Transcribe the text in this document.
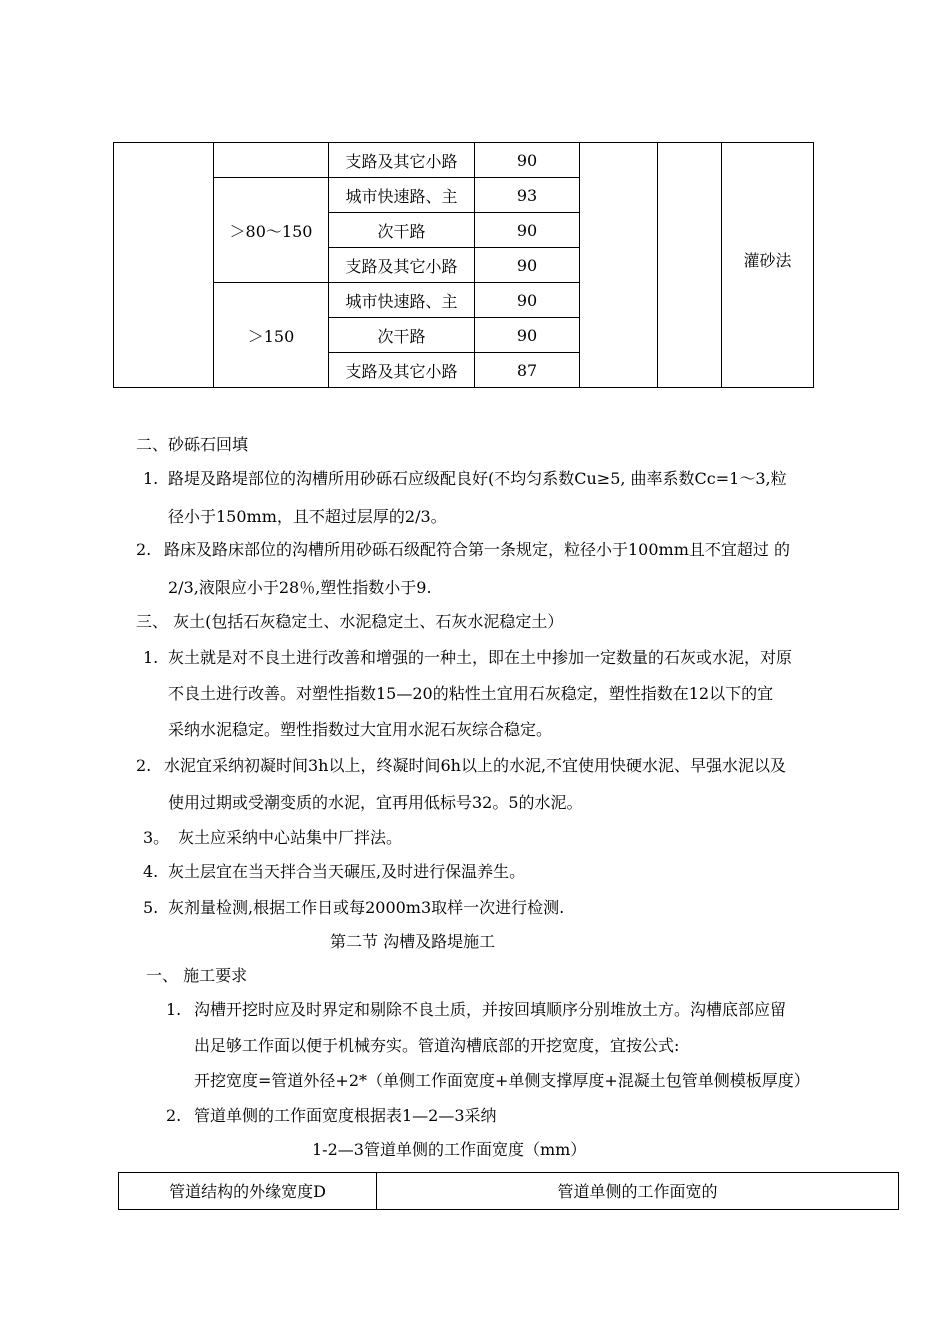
		支路及其它小路	90			灌砂法
	＞80～150	城市快速路、主	93			
		次干路	90			
		支路及其它小路	90			
	＞150	城市快速路、主	90			
		次干路	90			
		支路及其它小路	87			
二、砂砾石回填
1. 路堤及路堤部位的沟槽所用砂砾石应级配良好(不均匀系数Cu≥5, 曲率系数Cc=1～3,粒
径小于150mm，且不超过层厚的2/3。
2. 路床及路床部位的沟槽所用砂砾石级配符合第一条规定，粒径小于100mm且不宜超过 的
2/3,液限应小于28％,塑性指数小于9.
三、 灰土(包括石灰稳定土、水泥稳定土、石灰水泥稳定土）
1. 灰土就是对不良土进行改善和增强的一种土，即在土中掺加一定数量的石灰或水泥，对原
不良土进行改善。对塑性指数15—20的粘性土宜用石灰稳定，塑性指数在12以下的宜
采纳水泥稳定。塑性指数过大宜用水泥石灰综合稳定。
2. 水泥宜采纳初凝时间3h以上，终凝时间6h以上的水泥,不宜使用快硬水泥、早强水泥以及
使用过期或受潮变质的水泥，宜再用低标号32。5的水泥。
3。 灰土应采纳中心站集中厂拌法。
4. 灰土层宜在当天拌合当天碾压,及时进行保温养生。
5. 灰剂量检测,根据工作日或每2000m3取样一次进行检测.
第二节 沟槽及路堤施工
一、 施工要求
1. 沟槽开挖时应及时界定和剔除不良土质，并按回填顺序分别堆放土方。沟槽底部应留
出足够工作面以便于机械夯实。管道沟槽底部的开挖宽度，宜按公式:
开挖宽度=管道外径+2*（单侧工作面宽度+单侧支撑厚度+混凝土包管单侧模板厚度）
2. 管道单侧的工作面宽度根据表1—2—3采纳
1-2—3管道单侧的工作面宽度（mm）
管道结构的外缘宽度D	管道单侧的工作面宽的
